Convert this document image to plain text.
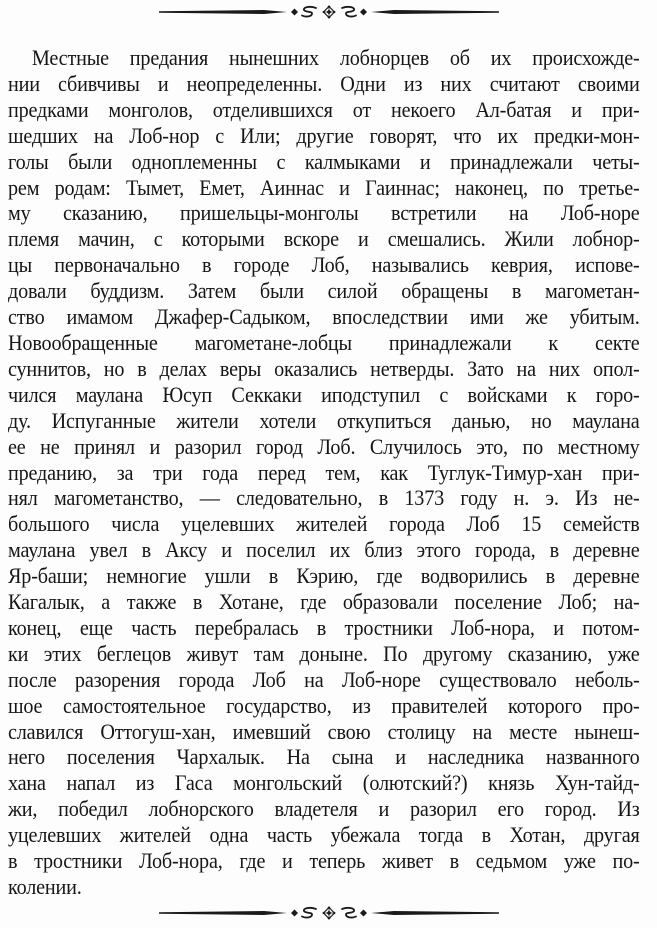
Местные предания нынешних лобнорцев об их происхожде-
нии сбивчивы и неопределенны. Одни из них считают своими
предками монголов, отделившихся от некоего Ал-батая и при-
шедших на Лоб-нор с Или; другие говорят, что их предки-мон-
голы были одноплеменны с калмыками и принадлежали четы-
рем родам: Тымет, Емет, Аиннас и Гаиннас; наконец, по третье-
му сказанию, пришельцы-монголы встретили на Лоб-норе
племя мачин, с которыми вскоре и смешались. Жили лобнор-
цы первоначально в городе Лоб, назывались кеврия, испове-
довали буддизм. Затем были силой обращены в магометан-
ство имамом Джафер-Садыком, впоследствии ими же убитым.
Новообращенные магометане-лобцы принадлежали к секте
суннитов, но в делах веры оказались нетверды. Зато на них опол-
чился маулана Юсуп Секкаки иподступил с войсками к горо-
ду. Испуганные жители хотели откупиться данью, но маулана
ее не принял и разорил город Лоб. Случилось это, по местному
преданию, за три года перед тем, как Туглук-Тимур-хан при-
нял магометанство, — следовательно, в 1373 году н. э. Из не-
большого числа уцелевших жителей города Лоб 15 семейств
маулана увел в Аксу и поселил их близ этого города, в деревне
Яр-баши; немногие ушли в Кэрию, где водворились в деревне
Кагалык, а также в Хотане, где образовали поселение Лоб; на-
конец, еще часть перебралась в тростники Лоб-нора, и потом-
ки этих беглецов живут там доныне. По другому сказанию, уже
после разорения города Лоб на Лоб-норе существовало неболь-
шое самостоятельное государство, из правителей которого про-
славился Оттогуш-хан, имевший свою столицу на месте нынеш-
него поселения Чархалык. На сына и наследника названного
хана напал из Гаса монгольский (олютский?) князь Хун-тайд-
жи, победил лобнорского владетеля и разорил его город. Из
уцелевших жителей одна часть убежала тогда в Хотан, другая
в тростники Лоб-нора, где и теперь живет в седьмом уже по-
колении.
